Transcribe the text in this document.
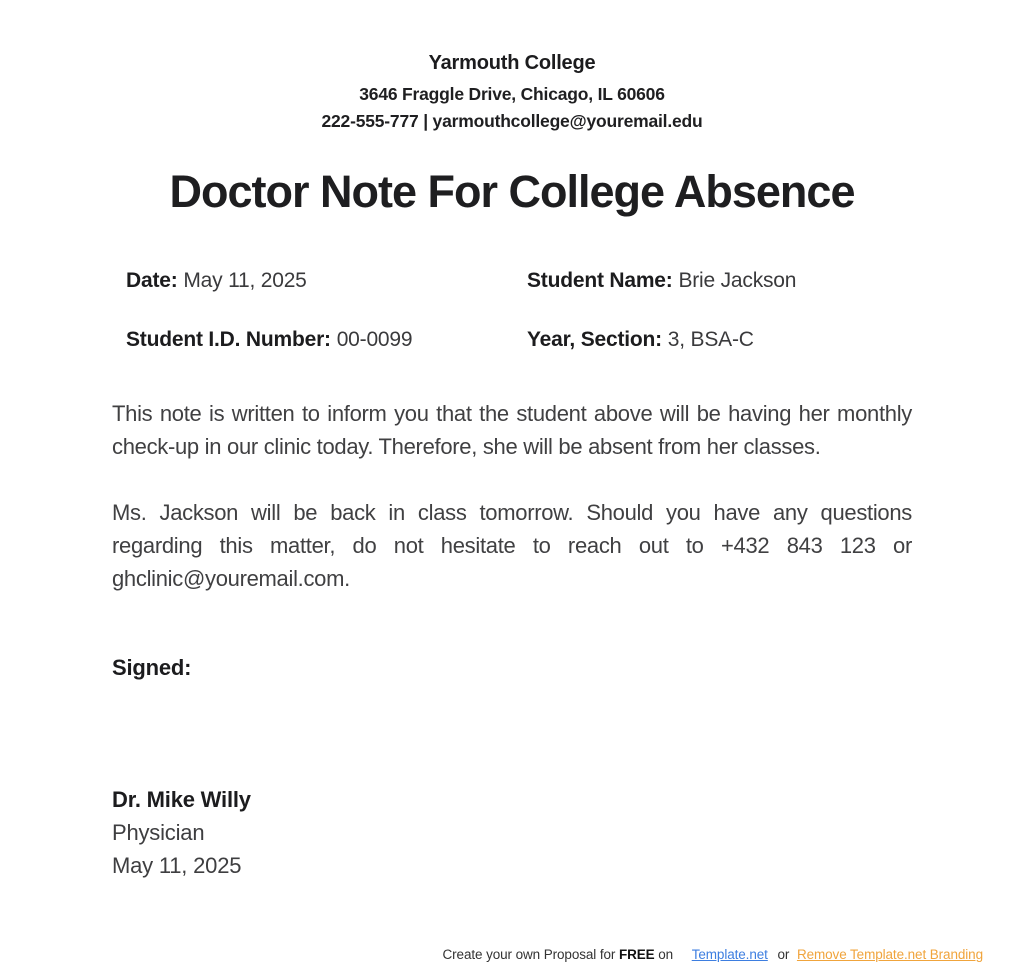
Yarmouth College
3646 Fraggle Drive, Chicago, IL 60606
222-555-777 | yarmouthcollege@youremail.edu
Doctor Note For College Absence
Date: May 11, 2025	Student Name: Brie Jackson
Student I.D. Number: 00-0099	Year, Section: 3, BSA-C

This note is written to inform you that the student above will be having her monthly check-up in our clinic today. Therefore, she will be absent from her classes.

Ms. Jackson will be back in class tomorrow. Should you have any questions regarding this matter, do not hesitate to reach out to +432 843 123 or ghclinic@youremail.com.

Signed:
Dr. Mike Willy
Physician
May 11, 2025
Create your own Proposal for FREE on Template.net or Remove Template.net Branding
